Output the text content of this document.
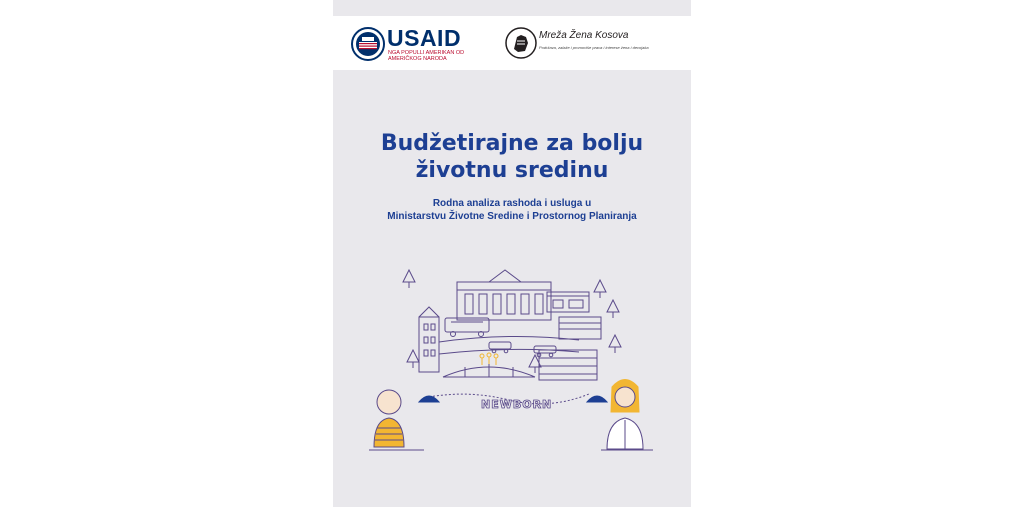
USAID
NGA POPULLI AMERIKAN OD AMERIČKOG NARODA
Mreža Žena Kosova
Podržava, zalaže i promoviše prava i interese žena i devojaka
Budžetirajne za bolju
životnu sredinu
Rodna analiza rashoda i usluga u
Ministarstvu Životne Sredine i Prostornog Planiranja
NEWBORN
